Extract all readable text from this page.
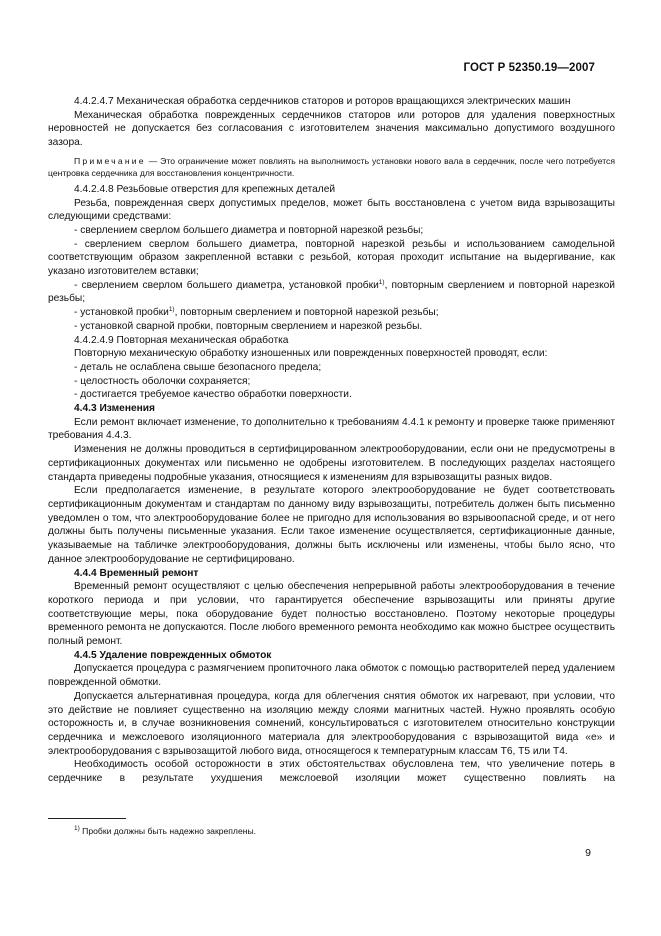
ГОСТ Р 52350.19—2007

4.4.2.4.7 Механическая обработка сердечников статоров и роторов вращающихся электрических машин

Механическая обработка поврежденных сердечников статоров или роторов для удаления поверхностных неровностей не допускается без согласования с изготовителем значения максимально допустимого воздушного зазора.

Примечание — Это ограничение может повлиять на выполнимость установки нового вала в сердечник, после чего потребуется центровка сердечника для восстановления концентричности.

4.4.2.4.8 Резьбовые отверстия для крепежных деталей

Резьба, поврежденная сверх допустимых пределов, может быть восстановлена с учетом вида взрывозащиты следующими средствами:

- сверлением сверлом большего диаметра и повторной нарезкой резьбы;

- сверлением сверлом большего диаметра, повторной нарезкой резьбы и использованием самодельной соответствующим образом закрепленной вставки с резьбой, которая проходит испытание на выдергивание, как указано изготовителем вставки;

- сверлением сверлом большего диаметра, установкой пробки$^{1)}$, повторным сверлением и повторной нарезкой резьбы;

- установкой пробки$^{1)}$, повторным сверлением и повторной нарезкой резьбы;

- установкой сварной пробки, повторным сверлением и нарезкой резьбы.

4.4.2.4.9 Повторная механическая обработка

Повторную механическую обработку изношенных или поврежденных поверхностей проводят, если:

- деталь не ослаблена свыше безопасного предела;

- целостность оболочки сохраняется;

- достигается требуемое качество обработки поверхности.

4.4.3 Изменения

Если ремонт включает изменение, то дополнительно к требованиям 4.4.1 к ремонту и проверке также применяют требования 4.4.3.

Изменения не должны проводиться в сертифицированном электрооборудовании, если они не предусмотрены в сертификационных документах или письменно не одобрены изготовителем. В последующих разделах настоящего стандарта приведены подробные указания, относящиеся к изменениям для взрывозащиты разных видов.

Если предполагается изменение, в результате которого электрооборудование не будет соответствовать сертификационным документам и стандартам по данному виду взрывозащиты, потребитель должен быть письменно уведомлен о том, что электрооборудование более не пригодно для использования во взрывоопасной среде, и от него должны быть получены письменные указания. Если такое изменение осуществляется, сертификационные данные, указываемые на табличке электрооборудования, должны быть исключены или изменены, чтобы было ясно, что данное электрооборудование не сертифицировано.

4.4.4 Временный ремонт

Временный ремонт осуществляют с целью обеспечения непрерывной работы электрооборудования в течение короткого периода и при условии, что гарантируется обеспечение взрывозащиты или приняты другие соответствующие меры, пока оборудование будет полностью восстановлено. Поэтому некоторые процедуры временного ремонта не допускаются. После любого временного ремонта необходимо как можно быстрее осуществить полный ремонт.

4.4.5 Удаление поврежденных обмоток

Допускается процедура с размягчением пропиточного лака обмоток с помощью растворителей перед удалением поврежденной обмотки.

Допускается альтернативная процедура, когда для облегчения снятия обмоток их нагревают, при условии, что это действие не повлияет существенно на изоляцию между слоями магнитных частей. Нужно проявлять особую осторожность и, в случае возникновения сомнений, консультироваться с изготовителем относительно конструкции сердечника и межслоевого изоляционного материала для электрооборудования с взрывозащитой вида «е» и электрооборудования с взрывозащитой любого вида, относящегося к температурным классам Т6, Т5 или Т4.

Необходимость особой осторожности в этих обстоятельствах обусловлена тем, что увеличение потерь в сердечнике в результате ухудшения межслоевой изоляции может существенно повлиять на

$^{1)}$ Пробки должны быть надежно закреплены.
9
